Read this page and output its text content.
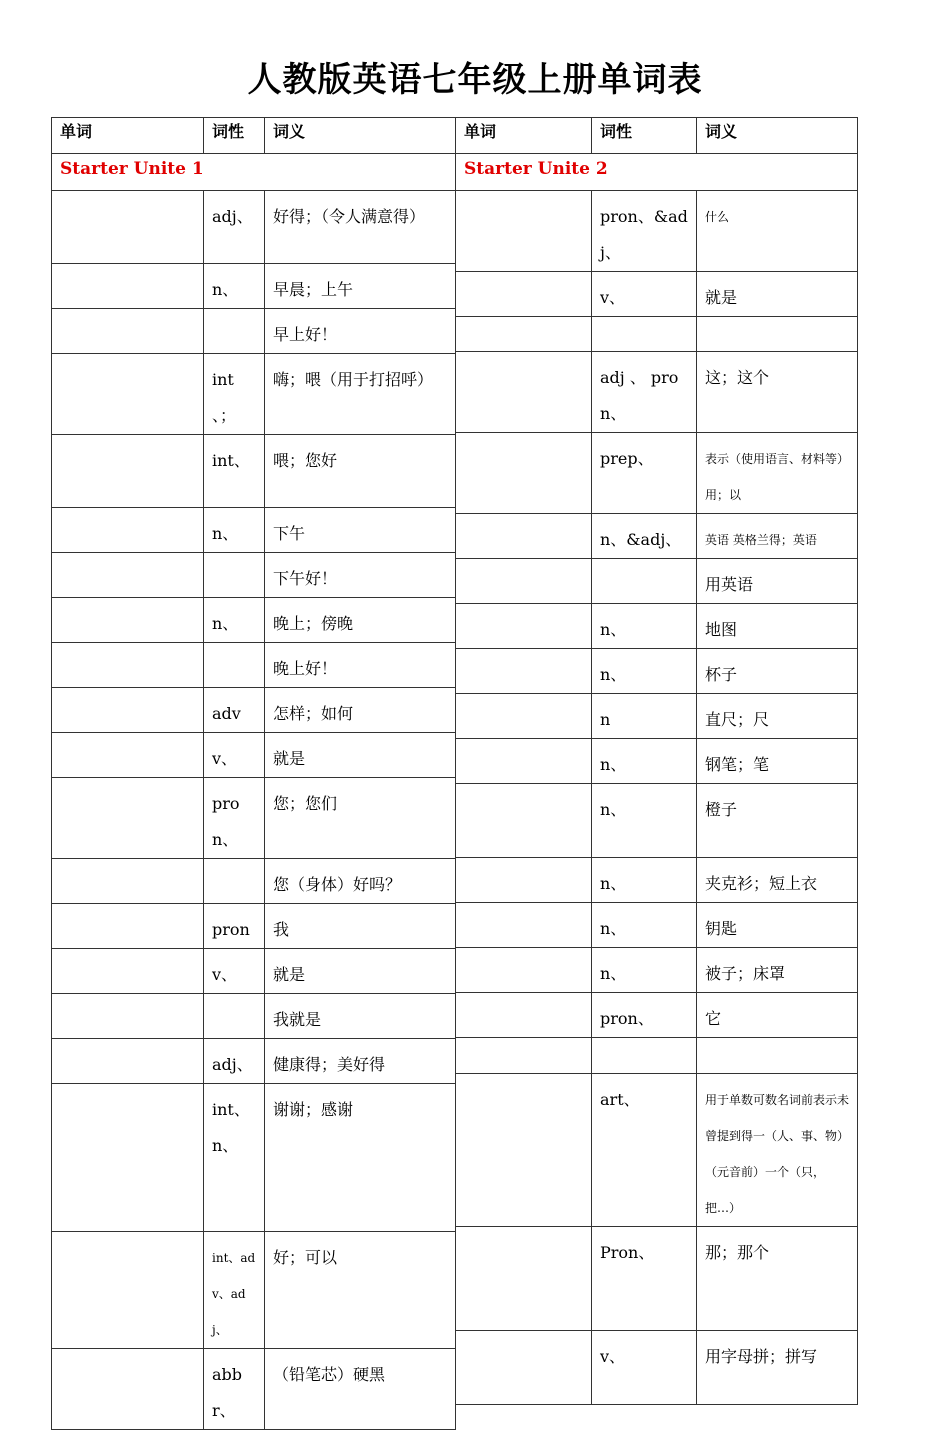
人教版英语七年级上册单词表
单词	词性	词义
Starter Unite 1		
	adj、	好得；（令人满意得）
	n、	早晨；上午
		早上好！
	int 、；	嗨；喂（用于打招呼）
	int、	喂；您好
	n、	下午
		下午好！
	n、	晚上；傍晚
		晚上好！
	adv	怎样；如何
	v、	就是
	pron、	您；您们
		您（身体）好吗？
	pron	我
	v、	就是
		我就是
	adj、	健康得；美好得
	int、 n、	谢谢；感谢
	int、adv、adj、	好；可以
	abbr、	（铅笔芯）硬黑
单词	词性	词义
Starter Unite 2		
	pron、&adj、	什么
	v、	就是

	adj 、 pron、	这；这个
	prep、	表示（使用语言、材料等）用；以
	n、&adj、	英语 英格兰得；英语
		用英语
	n、	地图
	n、	杯子
	n	直尺；尺
	n、	钢笔；笔
	n、	橙子
	n、	夹克衫；短上衣
	n、	钥匙
	n、	被子；床罩
	pron、	它

	art、	用于单数可数名词前表示未曾提到得一（人、事、物）（元音前）一个（只，把…）
	Pron、	那；那个
	v、	用字母拼；拼写
